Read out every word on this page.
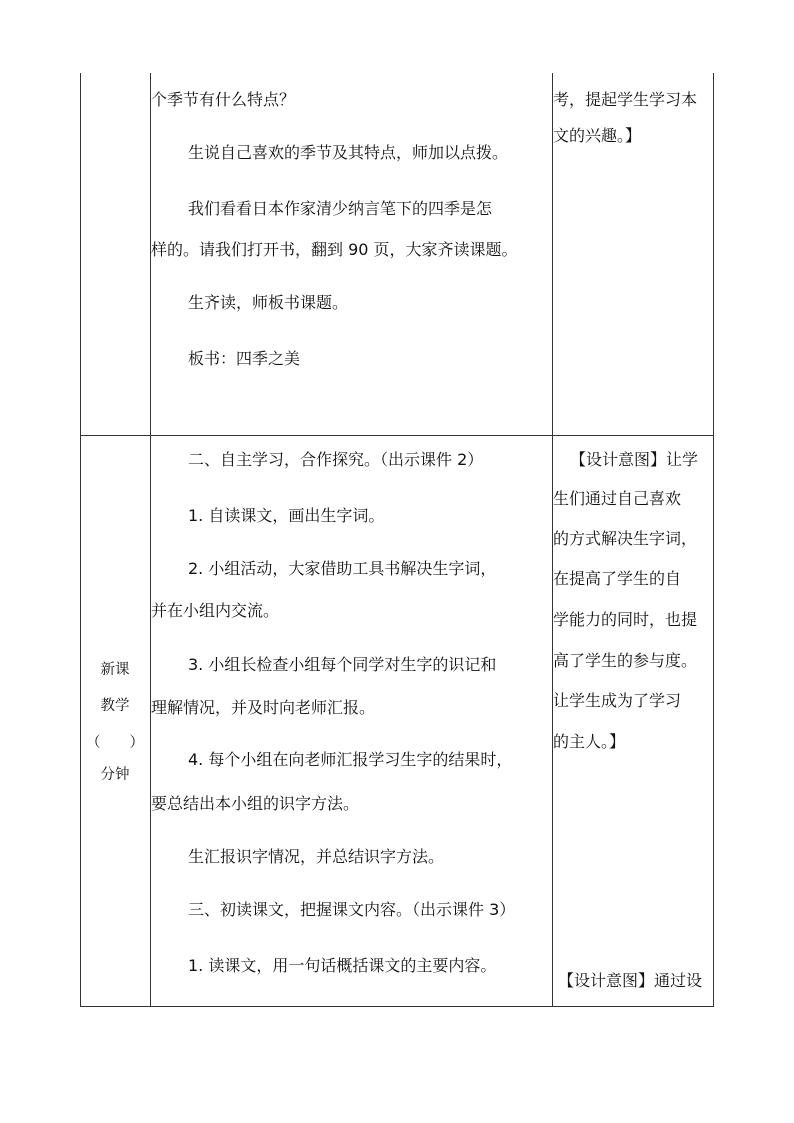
个季节有什么特点？
生说自己喜欢的季节及其特点，师加以点拨。
我们看看日本作家清少纳言笔下的四季是怎
样的。请我们打开书，翻到 90 页，大家齐读课题。
生齐读，师板书课题。
板书：四季之美
考，提起学生学习本
文的兴趣。】
新课
教学
（　　）
分钟
二、自主学习，合作探究。（出示课件 2）
1. 自读课文，画出生字词。
2. 小组活动，大家借助工具书解决生字词，
并在小组内交流。
3. 小组长检查小组每个同学对生字的识记和
理解情况，并及时向老师汇报。
4. 每个小组在向老师汇报学习生字的结果时，
要总结出本小组的识字方法。
生汇报识字情况，并总结识字方法。
三、初读课文，把握课文内容。（出示课件 3）
1. 读课文，用一句话概括课文的主要内容。
【设计意图】让学
生们通过自己喜欢
的方式解决生字词，
在提高了学生的自
学能力的同时，也提
高了学生的参与度。
让学生成为了学习
的主人。】
【设计意图】通过设
